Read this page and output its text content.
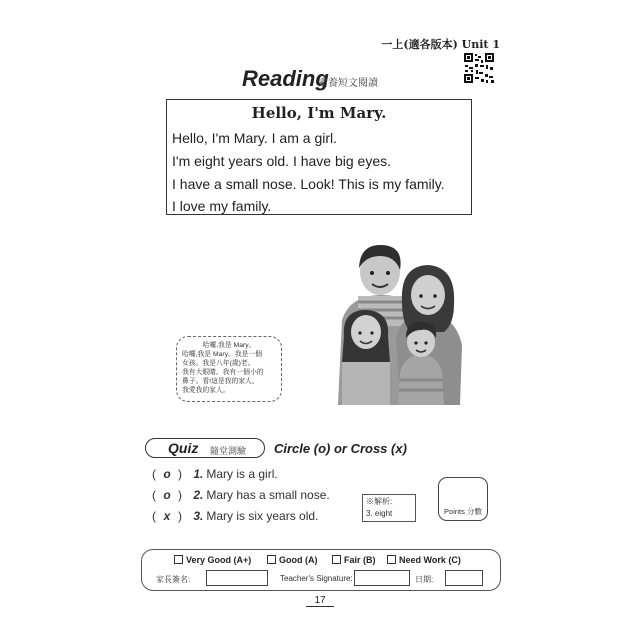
一上(適各版本) Unit 1
Reading
素養短文閱讀
Hello, I'm Mary.
Hello, I'm Mary. I am a girl.
I'm eight years old. I have big eyes.
I have a small nose. Look! This is my family.
I love my family.
哈囉,我是 Mary。
哈囉,我是 Mary。我是一個
女孩。我是八年(歲)老。
我有大眼睛。我有一個小的
鼻子。看!這是我的家人。
我愛我的家人。
Quiz 隨堂測驗 Circle (o) or Cross (x)
( o ) 1. Mary is a girl.
( o ) 2. Mary has a small nose.
( x ) 3. Mary is six years old.
※解析:
3. eight	Points 分數
Very Good (A+)	Good (A)	Fair (B)	Need Work (C)
家長簽名:	Teacher's Signature:	日期:
17
